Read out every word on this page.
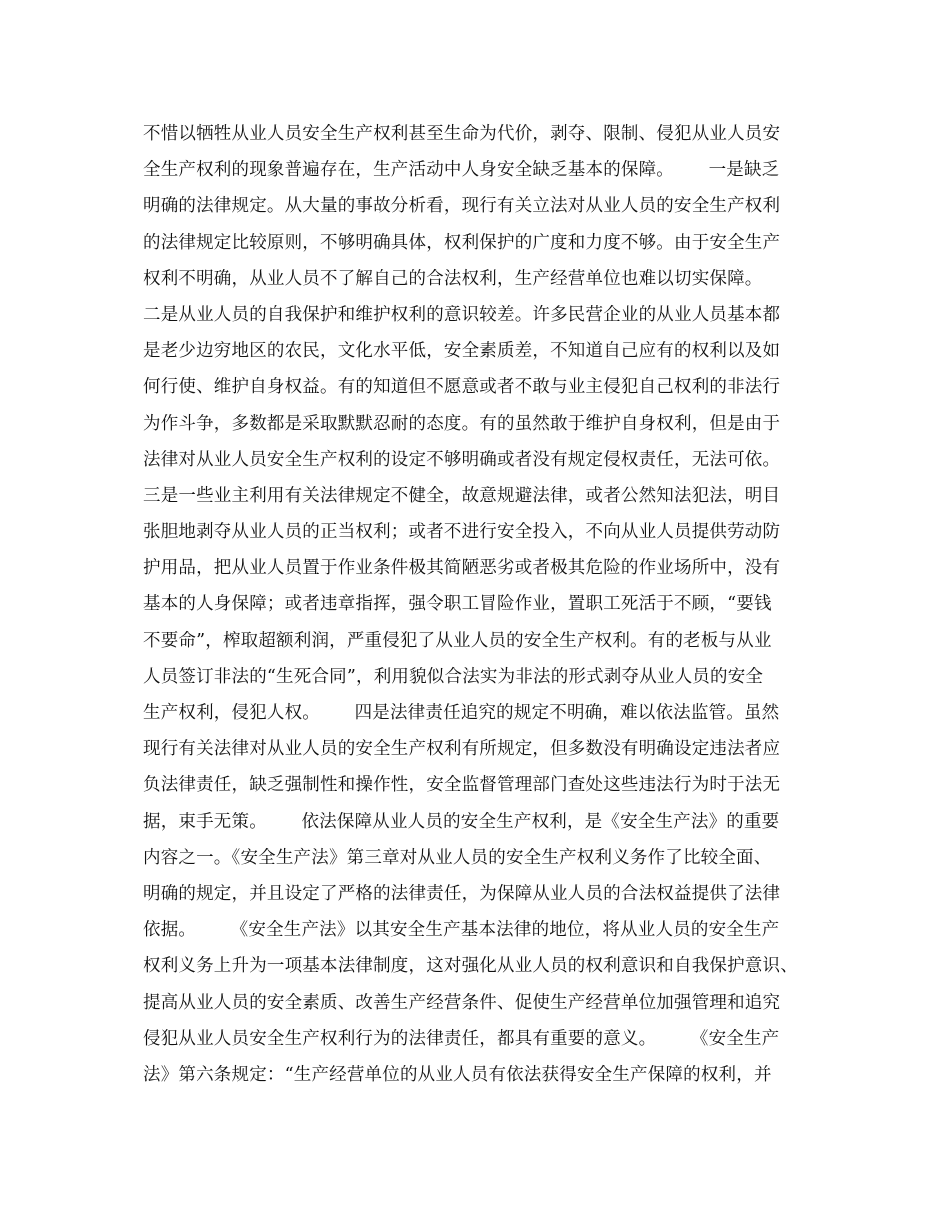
不惜以牺牲从业人员安全生产权利甚至生命为代价，剥夺、限制、侵犯从业人员安
全生产权利的现象普遍存在，生产活动中人身安全缺乏基本的保障。      一是缺乏
明确的法律规定。从大量的事故分析看，现行有关立法对从业人员的安全生产权利
的法律规定比较原则，不够明确具体，权利保护的广度和力度不够。由于安全生产
权利不明确，从业人员不了解自己的合法权利，生产经营单位也难以切实保障。
二是从业人员的自我保护和维护权利的意识较差。许多民营企业的从业人员基本都
是老少边穷地区的农民，文化水平低，安全素质差，不知道自己应有的权利以及如
何行使、维护自身权益。有的知道但不愿意或者不敢与业主侵犯自己权利的非法行
为作斗争，多数都是采取默默忍耐的态度。有的虽然敢于维护自身权利，但是由于
法律对从业人员安全生产权利的设定不够明确或者没有规定侵权责任，无法可依。
三是一些业主利用有关法律规定不健全，故意规避法律，或者公然知法犯法，明目
张胆地剥夺从业人员的正当权利；或者不进行安全投入，不向从业人员提供劳动防
护用品，把从业人员置于作业条件极其简陋恶劣或者极其危险的作业场所中，没有
基本的人身保障；或者违章指挥，强令职工冒险作业，置职工死活于不顾，“要钱
不要命”，榨取超额利润，严重侵犯了从业人员的安全生产权利。有的老板与从业
人员签订非法的“生死合同”，利用貌似合法实为非法的形式剥夺从业人员的安全
生产权利，侵犯人权。      四是法律责任追究的规定不明确，难以依法监管。虽然
现行有关法律对从业人员的安全生产权利有所规定，但多数没有明确设定违法者应
负法律责任，缺乏强制性和操作性，安全监督管理部门查处这些违法行为时于法无
据，束手无策。      依法保障从业人员的安全生产权利，是《安全生产法》的重要
内容之一。《安全生产法》第三章对从业人员的安全生产权利义务作了比较全面、
明确的规定，并且设定了严格的法律责任，为保障从业人员的合法权益提供了法律
依据。      《安全生产法》以其安全生产基本法律的地位，将从业人员的安全生产
权利义务上升为一项基本法律制度，这对强化从业人员的权利意识和自我保护意识、
提高从业人员的安全素质、改善生产经营条件、促使生产经营单位加强管理和追究
侵犯从业人员安全生产权利行为的法律责任，都具有重要的意义。      《安全生产
法》第六条规定：“生产经营单位的从业人员有依法获得安全生产保障的权利，并
